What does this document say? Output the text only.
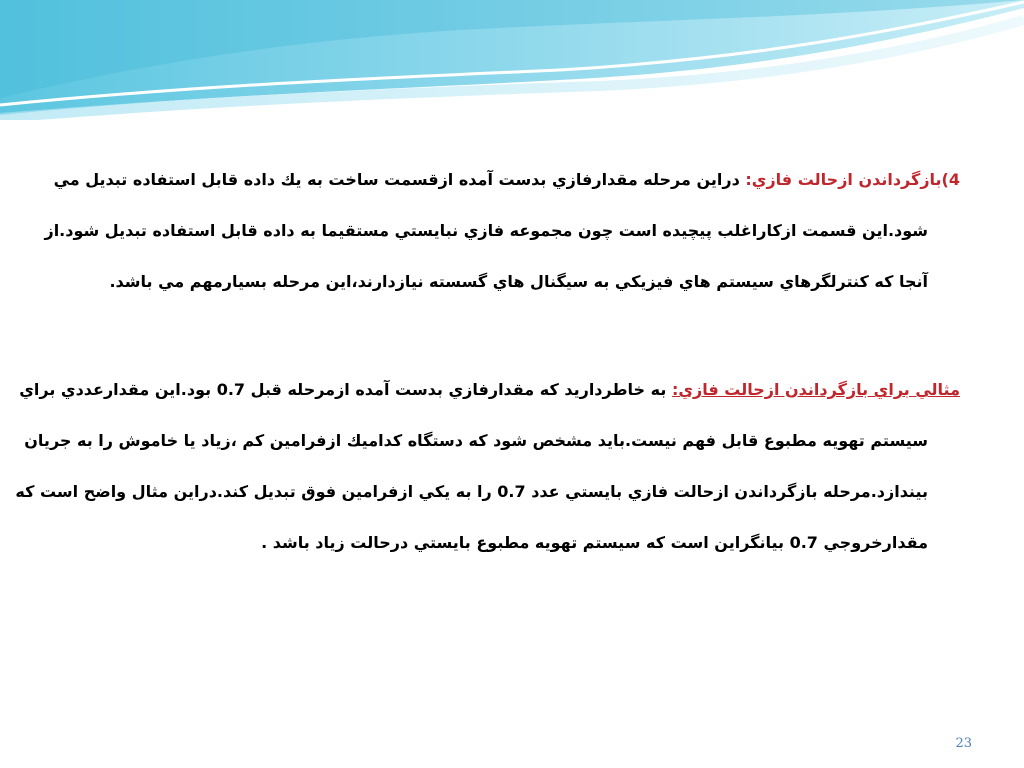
4)بازگرداندن ازحالت فازي: دراين مرحله مقدارفازي بدست آمده ازقسمت ساخت به يك داده قابل استفاده تبديل مي
شود.اين قسمت ازكاراغلب پيچيده است چون مجموعه فازي نبايستي مستقيما به داده قابل استفاده تبديل شود.از
آنجا كه كنترلگرهاي سيستم هاي فيزيكي به سيگنال هاي گسسته نيازدارند،اين مرحله بسيارمهم مي باشد.
مثالي براي بازگرداندن ازحالت فازي: به خاطرداريد كه مقدارفازي بدست آمده ازمرحله قبل 0.7 بود.اين مقدارعددي براي
سيستم تهويه مطبوع قابل فهم نيست.بايد مشخص شود كه دستگاه كداميك ازفرامين كم ،زياد يا خاموش را به جريان
بيندازد.مرحله بازگرداندن ازحالت فازي بايستي عدد 0.7 را به يكي ازفرامين فوق تبديل كند.دراين مثال واضح است كه
مقدارخروجي 0.7 بيانگراين است كه سيستم تهويه مطبوع بايستي درحالت زياد باشد .
23
